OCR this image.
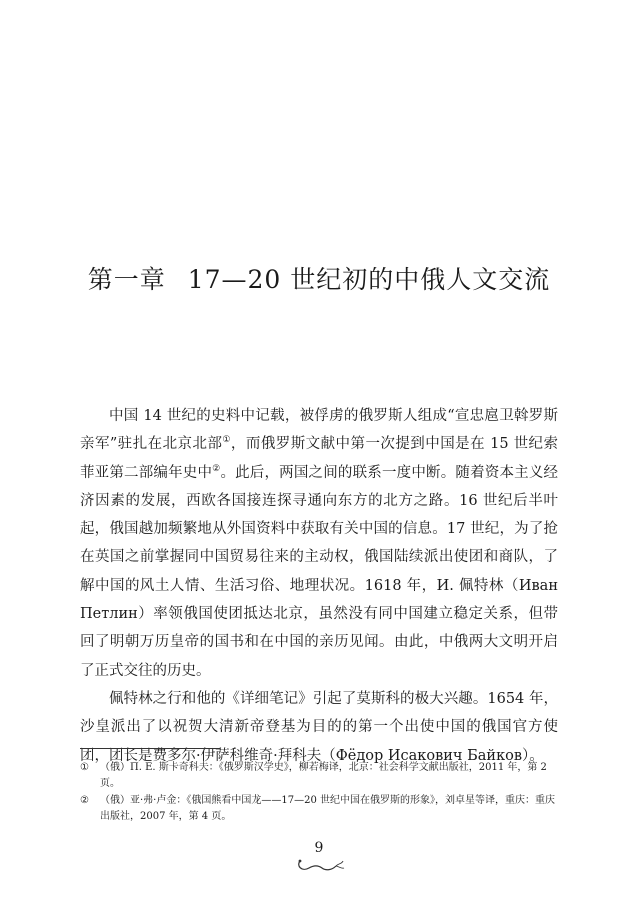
第一章 17—20 世纪初的中俄人文交流

中国 14 世纪的史料中记载，被俘虏的俄罗斯人组成“宣忠扈卫斡罗斯亲军”驻扎在北京北部①，而俄罗斯文献中第一次提到中国是在 15 世纪索菲亚第二部编年史中②。此后，两国之间的联系一度中断。随着资本主义经济因素的发展，西欧各国接连探寻通向东方的北方之路。16 世纪后半叶起，俄国越加频繁地从外国资料中获取有关中国的信息。17 世纪，为了抢在英国之前掌握同中国贸易往来的主动权，俄国陆续派出使团和商队，了解中国的风土人情、生活习俗、地理状况。1618 年，И. 佩特林（Иван Петлин）率领俄国使团抵达北京，虽然没有同中国建立稳定关系，但带回了明朝万历皇帝的国书和在中国的亲历见闻。由此，中俄两大文明开启了正式交往的历史。

佩特林之行和他的《详细笔记》引起了莫斯科的极大兴趣。1654 年，沙皇派出了以祝贺大清新帝登基为目的的第一个出使中国的俄国官方使团，团长是费多尔·伊萨科维奇·拜科夫（Фёдор Исакович Байков）。

①	（俄）П. Е. 斯卡奇科夫：《俄罗斯汉学史》，柳若梅译，北京：社会科学文献出版社，2011 年，第 2 页。
②	（俄）亚·弗·卢金：《俄国熊看中国龙——17—20 世纪中国在俄罗斯的形象》，刘卓星等译，重庆：重庆出版社，2007 年，第 4 页。
9
